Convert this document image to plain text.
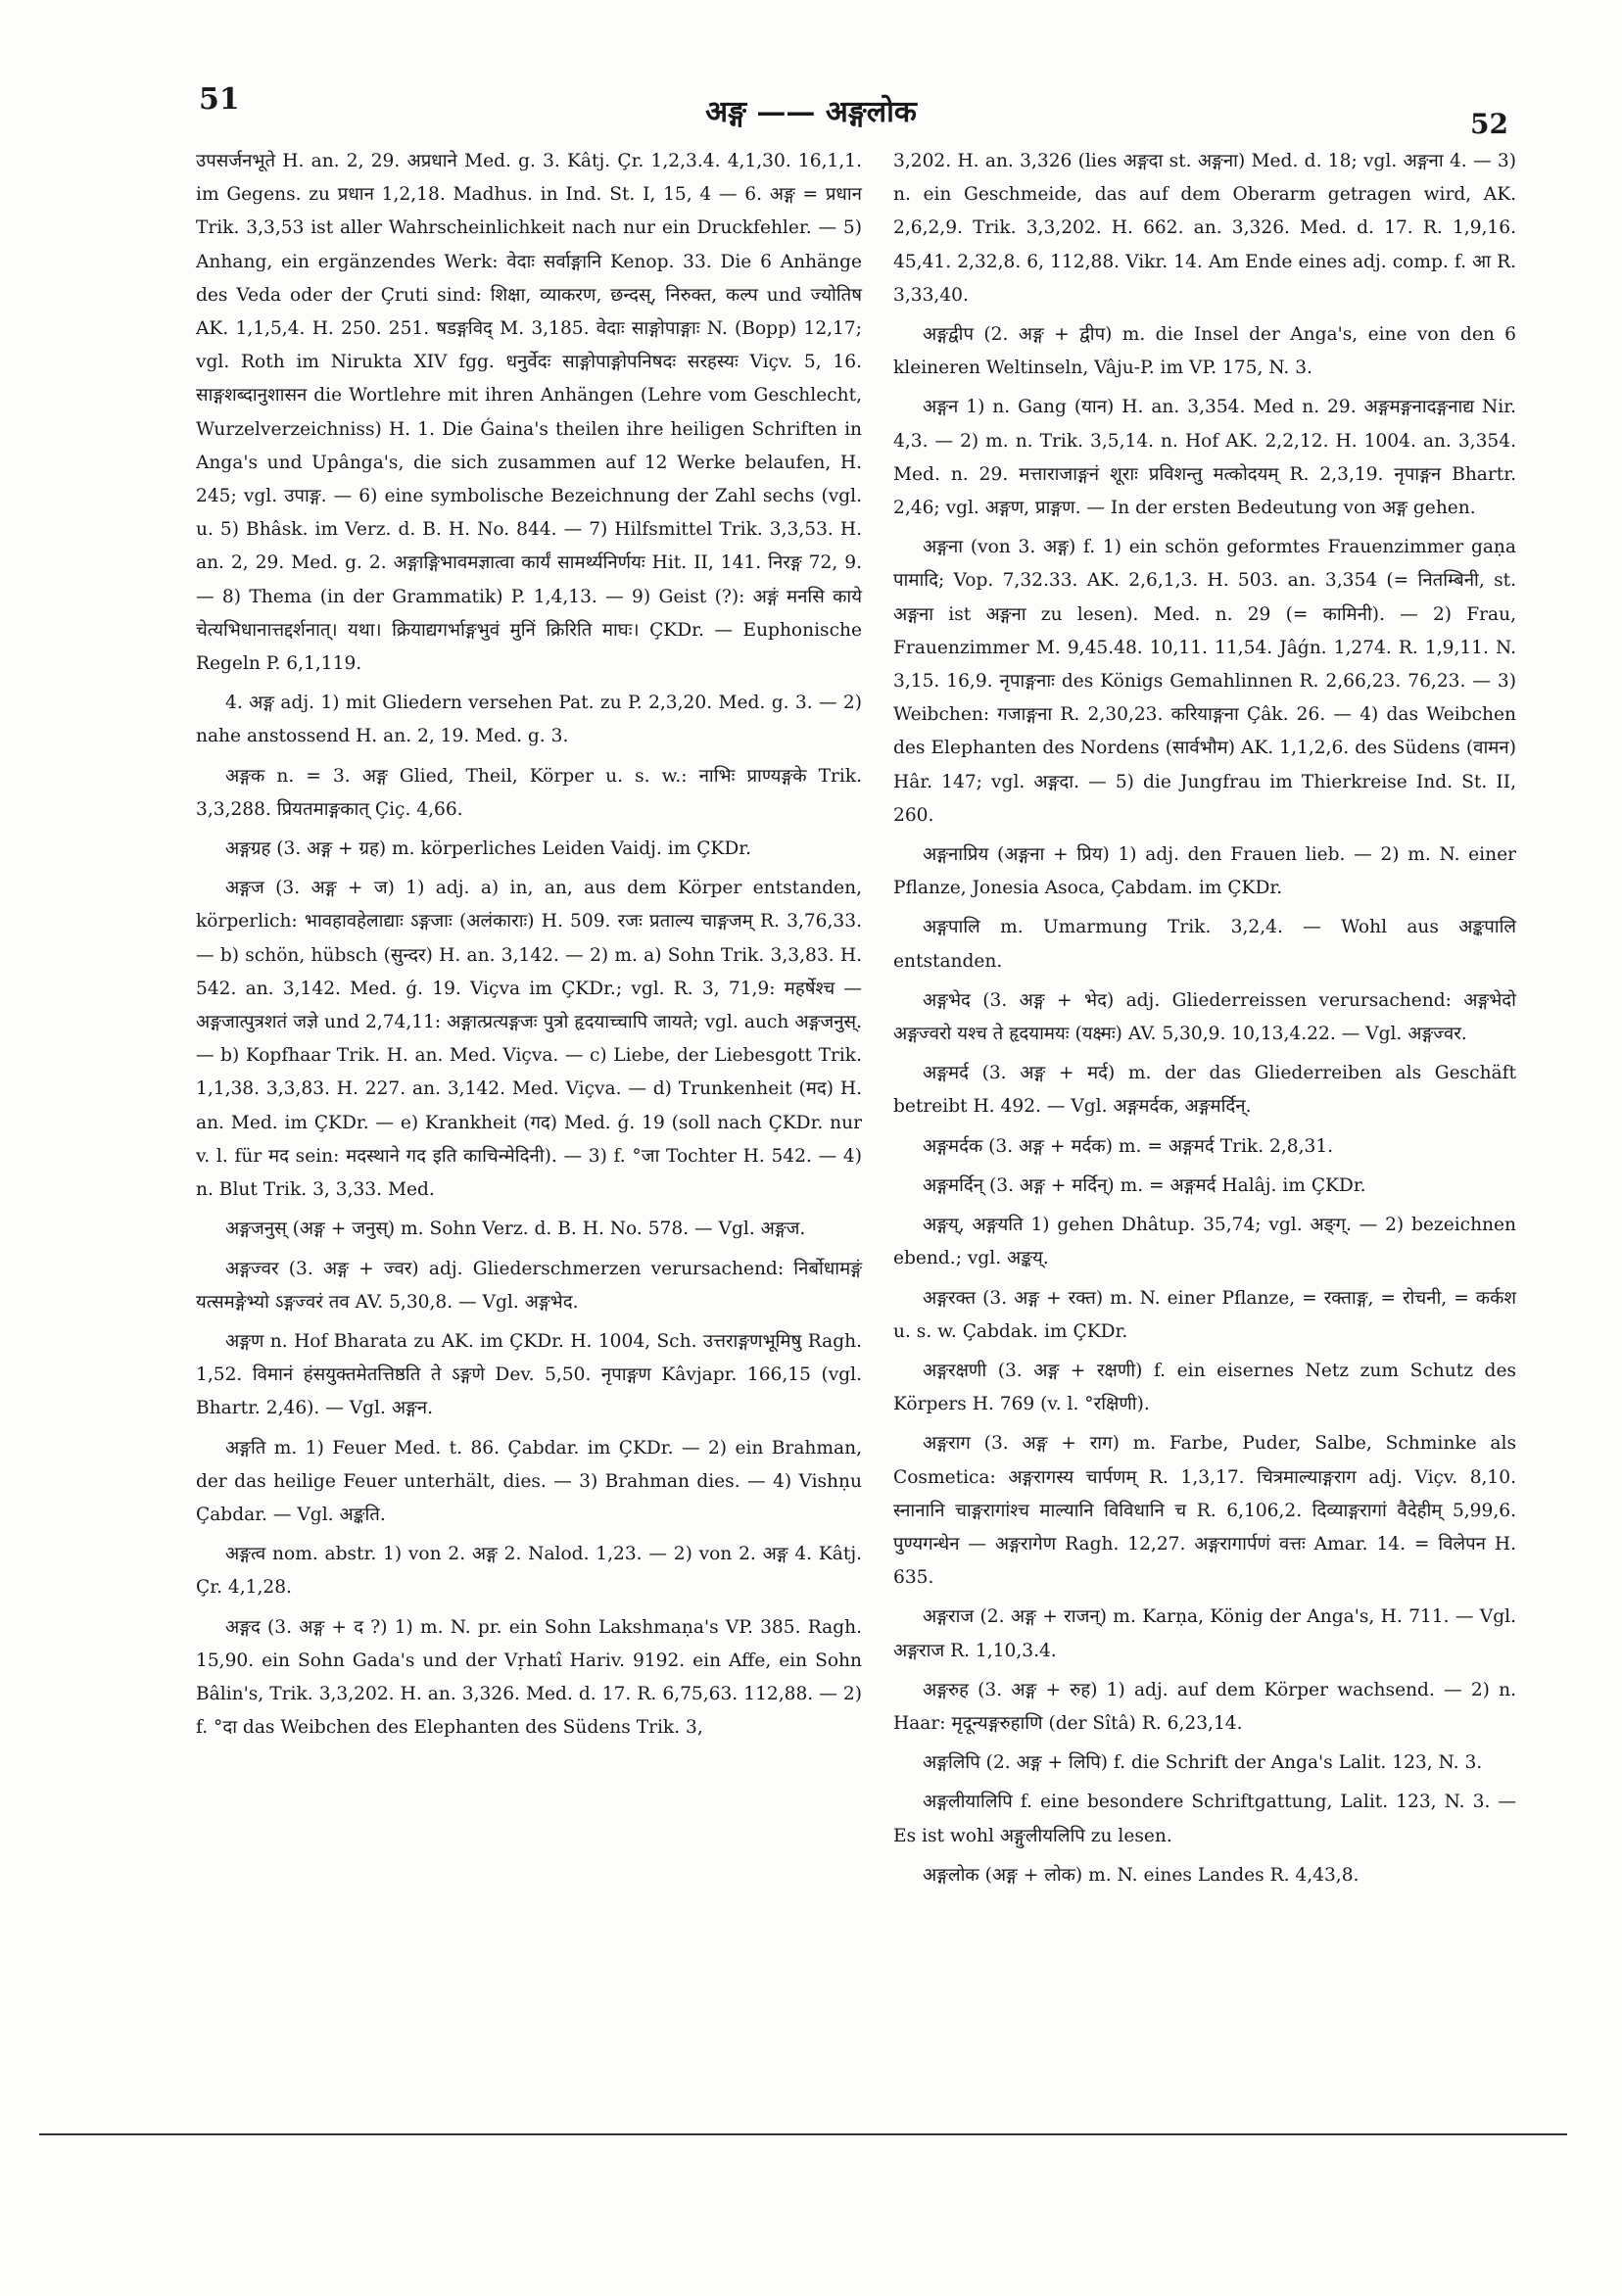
51	अङ्ग —— अङ्गलोक	52

उपसर्जनभूते H. an. 2, 29. अप्रधाने Med. g. 3. Kâtj. Çr. 1,2,3.4. 4,1,30. 16,1,1. im Gegens. zu प्रधान 1,2,18. Madhus. in Ind. St. I, 15, 4 — 6. अङ्ग = प्रधान Trik. 3,3,53 ist aller Wahrscheinlichkeit nach nur ein Druckfehler. — 5) Anhang, ein ergänzendes Werk: वेदाः सर्वाङ्गानि Kenop. 33. Die 6 Anhänge des Veda oder der Çruti sind: शिक्षा, व्याकरण, छन्दस्, निरुक्त, कल्प und ज्योतिष AK. 1,1,5,4. H. 250. 251. षडङ्गविद् M. 3,185. वेदाः साङ्गोपाङ्गाः N. (Bopp) 12,17; vgl. Roth im Nirukta XIV fgg. धनुर्वेदः साङ्गोपाङ्गोपनिषदः सरहस्यः Viçv. 5, 16. साङ्गशब्दानुशासन die Wortlehre mit ihren Anhängen (Lehre vom Geschlecht, Wurzelverzeichniss) H. 1. Die Ǵaina's theilen ihre heiligen Schriften in Anga's und Upânga's, die sich zusammen auf 12 Werke belaufen, H. 245; vgl. उपाङ्ग. — 6) eine symbolische Bezeichnung der Zahl sechs (vgl. u. 5) Bhâsk. im Verz. d. B. H. No. 844. — 7) Hilfsmittel Trik. 3,3,53. H. an. 2, 29. Med. g. 2. अङ्गाङ्गिभावमज्ञात्वा कार्यं सामर्थ्यनिर्णयः Hit. II, 141. निरङ्ग 72, 9. — 8) Thema (in der Grammatik) P. 1,4,13. — 9) Geist (?): अङ्गं मनसि काये चेत्यभिधानात्तद्दर्शनात्। यथा। क्रियाद्यगर्भाङ्गभुवं मुनिं क्रिरिति माघः। ÇKDr. — Euphonische Regeln P. 6,1,119.

4. अङ्ग adj. 1) mit Gliedern versehen Pat. zu P. 2,3,20. Med. g. 3. — 2) nahe anstossend H. an. 2, 19. Med. g. 3.

अङ्गक n. = 3. अङ्ग Glied, Theil, Körper u. s. w.: नाभिः प्राण्यङ्गके Trik. 3,3,288. प्रियतमाङ्गकात् Çiç. 4,66.

अङ्गग्रह (3. अङ्ग + ग्रह) m. körperliches Leiden Vaidj. im ÇKDr.

अङ्गज (3. अङ्ग + ज) 1) adj. a) in, an, aus dem Körper entstanden, körperlich: भावहावहेलाद्याः ऽङ्गजाः (अलंकाराः) H. 509. रजः प्रताल्य चाङ्गजम् R. 3,76,33. — b) schön, hübsch (सुन्दर) H. an. 3,142. — 2) m. a) Sohn Trik. 3,3,83. H. 542. an. 3,142. Med. ǵ. 19. Viçva im ÇKDr.; vgl. R. 3, 71,9: महर्षेश्च — अङ्गजात्पुत्रशतं जज्ञे und 2,74,11: अङ्गात्प्रत्यङ्गजः पुत्रो हृदयाच्चापि जायते; vgl. auch अङ्गजनुस्. — b) Kopfhaar Trik. H. an. Med. Viçva. — c) Liebe, der Liebesgott Trik. 1,1,38. 3,3,83. H. 227. an. 3,142. Med. Viçva. — d) Trunkenheit (मद) H. an. Med. im ÇKDr. — e) Krankheit (गद) Med. ǵ. 19 (soll nach ÇKDr. nur v. l. für मद sein: मदस्थाने गद इति काचिन्मेदिनी). — 3) f. °जा Tochter H. 542. — 4) n. Blut Trik. 3, 3,33. Med.

अङ्गजनुस् (अङ्ग + जनुस्) m. Sohn Verz. d. B. H. No. 578. — Vgl. अङ्गज.

अङ्गज्वर (3. अङ्ग + ज्वर) adj. Gliederschmerzen verursachend: निर्बोधामङ्गं यत्समङ्गेभ्यो ऽङ्गज्वरं तव AV. 5,30,8. — Vgl. अङ्गभेद.

अङ्गण n. Hof Bharata zu AK. im ÇKDr. H. 1004, Sch. उत्तराङ्गणभूमिषु Ragh. 1,52. विमानं हंसयुक्तमेतत्तिष्ठति ते ऽङ्गणे Dev. 5,50. नृपाङ्गण Kâvjapr. 166,15 (vgl. Bhartr. 2,46). — Vgl. अङ्गन.

अङ्गति m. 1) Feuer Med. t. 86. Çabdar. im ÇKDr. — 2) ein Brahman, der das heilige Feuer unterhält, dies. — 3) Brahman dies. — 4) Vishṇu Çabdar. — Vgl. अङ्कति.

अङ्गत्व nom. abstr. 1) von 2. अङ्ग 2. Nalod. 1,23. — 2) von 2. अङ्ग 4. Kâtj. Çr. 4,1,28.

अङ्गद (3. अङ्ग + द ?) 1) m. N. pr. ein Sohn Lakshmaṇa's VP. 385. Ragh. 15,90. ein Sohn Gada's und der Vṛhatî Hariv. 9192. ein Affe, ein Sohn Bâlin's, Trik. 3,3,202. H. an. 3,326. Med. d. 17. R. 6,75,63. 112,88. — 2) f. °दा das Weibchen des Elephanten des Südens Trik. 3,

3,202. H. an. 3,326 (lies अङ्गदा st. अङ्गना) Med. d. 18; vgl. अङ्गना 4. — 3) n. ein Geschmeide, das auf dem Oberarm getragen wird, AK. 2,6,2,9. Trik. 3,3,202. H. 662. an. 3,326. Med. d. 17. R. 1,9,16. 45,41. 2,32,8. 6, 112,88. Vikr. 14. Am Ende eines adj. comp. f. आ R. 3,33,40.

अङ्गद्वीप (2. अङ्ग + द्वीप) m. die Insel der Anga's, eine von den 6 kleineren Weltinseln, Vâju-P. im VP. 175, N. 3.

अङ्गन 1) n. Gang (यान) H. an. 3,354. Med n. 29. अङ्गमङ्गनादङ्गनाद्य Nir. 4,3. — 2) m. n. Trik. 3,5,14. n. Hof AK. 2,2,12. H. 1004. an. 3,354. Med. n. 29. मत्ताराजाङ्गनं शूराः प्रविशन्तु मत्कोदयम् R. 2,3,19. नृपाङ्गन Bhartr. 2,46; vgl. अङ्गण, प्राङ्गण. — In der ersten Bedeutung von अङ्ग gehen.

अङ्गना (von 3. अङ्ग) f. 1) ein schön geformtes Frauenzimmer gaṇa पामादि; Vop. 7,32.33. AK. 2,6,1,3. H. 503. an. 3,354 (= नितम्बिनी, st. अङ्गना ist अङ्गना zu lesen). Med. n. 29 (= कामिनी). — 2) Frau, Frauenzimmer M. 9,45.48. 10,11. 11,54. Jâǵn. 1,274. R. 1,9,11. N. 3,15. 16,9. नृपाङ्गनाः des Königs Gemahlinnen R. 2,66,23. 76,23. — 3) Weibchen: गजाङ्गना R. 2,30,23. करियाङ्गना Çâk. 26. — 4) das Weibchen des Elephanten des Nordens (सार्वभौम) AK. 1,1,2,6. des Südens (वामन) Hâr. 147; vgl. अङ्गदा. — 5) die Jungfrau im Thierkreise Ind. St. II, 260.

अङ्गनाप्रिय (अङ्गना + प्रिय) 1) adj. den Frauen lieb. — 2) m. N. einer Pflanze, Jonesia Asoca, Çabdam. im ÇKDr.

अङ्गपालि m. Umarmung Trik. 3,2,4. — Wohl aus अङ्कपालि entstanden.

अङ्गभेद (3. अङ्ग + भेद) adj. Gliederreissen verursachend: अङ्गभेदो अङ्गज्वरो यश्च ते हृदयामयः (यक्ष्मः) AV. 5,30,9. 10,13,4.22. — Vgl. अङ्गज्वर.

अङ्गमर्द (3. अङ्ग + मर्द) m. der das Gliederreiben als Geschäft betreibt H. 492. — Vgl. अङ्गमर्दक, अङ्गमर्दिन्.

अङ्गमर्दक (3. अङ्ग + मर्दक) m. = अङ्गमर्द Trik. 2,8,31.

अङ्गमर्दिन् (3. अङ्ग + मर्दिन्) m. = अङ्गमर्द Halâj. im ÇKDr.

अङ्गय्, अङ्गयति 1) gehen Dhâtup. 35,74; vgl. अङ्ग्. — 2) bezeichnen ebend.; vgl. अङ्कय्.

अङ्गरक्त (3. अङ्ग + रक्त) m. N. einer Pflanze, = रक्ताङ्ग, = रोचनी, = कर्कश u. s. w. Çabdak. im ÇKDr.

अङ्गरक्षणी (3. अङ्ग + रक्षणी) f. ein eisernes Netz zum Schutz des Körpers H. 769 (v. l. °रक्षिणी).

अङ्गराग (3. अङ्ग + राग) m. Farbe, Puder, Salbe, Schminke als Cosmetica: अङ्गरागस्य चार्पणम् R. 1,3,17. चित्रमाल्याङ्गराग adj. Viçv. 8,10. स्नानानि चाङ्गरागांश्च माल्यानि विविधानि च R. 6,106,2. दिव्याङ्गरागां वैदेहीम् 5,99,6. पुण्यगन्धेन — अङ्गरागेण Ragh. 12,27. अङ्गरागार्पणं वत्तः Amar. 14. = विलेपन H. 635.

अङ्गराज (2. अङ्ग + राजन्) m. Karṇa, König der Anga's, H. 711. — Vgl. अङ्गराज R. 1,10,3.4.

अङ्गरुह (3. अङ्ग + रुह) 1) adj. auf dem Körper wachsend. — 2) n. Haar: मृदून्यङ्गरुहाणि (der Sîtâ) R. 6,23,14.

अङ्गलिपि (2. अङ्ग + लिपि) f. die Schrift der Anga's Lalit. 123, N. 3.

अङ्गलीयालिपि f. eine besondere Schriftgattung, Lalit. 123, N. 3. — Es ist wohl अङ्गुलीयलिपि zu lesen.

अङ्गलोक (अङ्ग + लोक) m. N. eines Landes R. 4,43,8.
